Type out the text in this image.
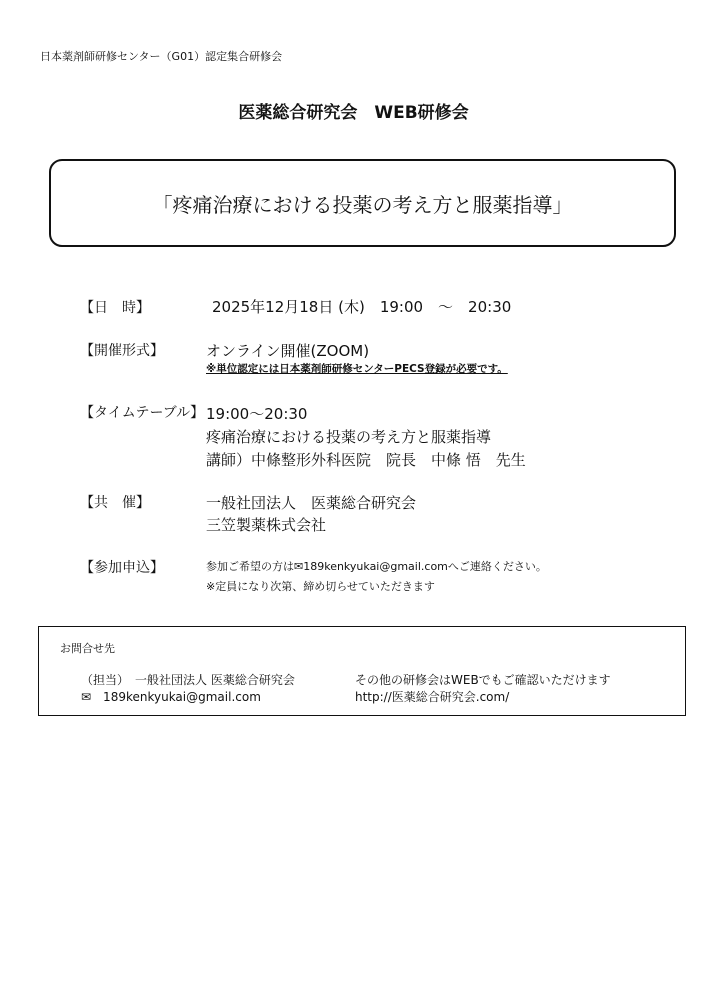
日本薬剤師研修センター（G01）認定集合研修会
医薬総合研究会　WEB研修会
「疼痛治療における投薬の考え方と服薬指導」
【日　時】	2025年12月18日 (木)　19:00　～　20:30
【開催形式】	オンライン開催(ZOOM)
※単位認定には日本薬剤師研修センターPECS登録が必要です。
【タイムテーブル】 19:00～20:30
疼痛治療における投薬の考え方と服薬指導
講師）中條整形外科医院　院長　中條 悟　先生
【共　催】	一般社団法人　医薬総合研究会
三笠製薬株式会社
【参加申込】	参加ご希望の方は✉189kenkyukai@gmail.comへご連絡ください。
※定員になり次第、締め切らせていただきます
お問合せ先
（担当）　一般社団法人 医薬総合研究会
✉　189kenkyukai@gmail.com
その他の研修会はWEBでもご確認いただけます
http://医薬総合研究会.com/
